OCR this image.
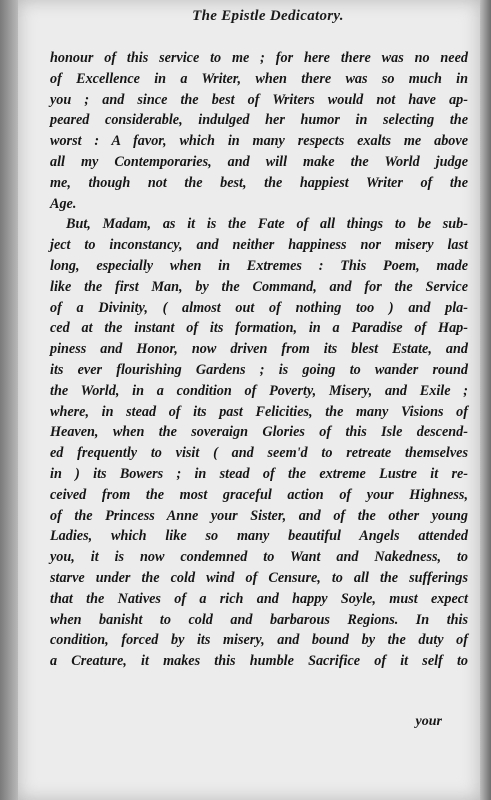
The Epistle Dedicatory.
honour of this service to me ; for here there was no need
of Excellence in a Writer, when there was so much in
you ; and since the best of Writers would not have ap-
peared considerable, indulged her humor in selecting the
worst : A favor, which in many respects exalts me above
all my Contemporaries, and will make the World judge
me, though not the best, the happiest Writer of the
Age.
But, Madam, as it is the Fate of all things to be sub-
ject to inconstancy, and neither happiness nor misery last
long, especially when in Extremes : This Poem, made
like the first Man, by the Command, and for the Service
of a Divinity, ( almost out of nothing too ) and pla-
ced at the instant of its formation, in a Paradise of Hap-
piness and Honor, now driven from its blest Estate, and
its ever flourishing Gardens ; is going to wander round
the World, in a condition of Poverty, Misery, and Exile ;
where, in stead of its past Felicities, the many Visions of
Heaven, when the soveraign Glories of this Isle descend-
ed frequently to visit ( and seem'd to retreate themselves
in ) its Bowers ; in stead of the extreme Lustre it re-
ceived from the most graceful action of your Highness,
of the Princess Anne your Sister, and of the other young
Ladies, which like so many beautiful Angels attended
you, it is now condemned to Want and Nakedness, to
starve under the cold wind of Censure, to all the sufferings
that the Natives of a rich and happy Soyle, must expect
when banisht to cold and barbarous Regions. In this
condition, forced by its misery, and bound by the duty of
a Creature, it makes this humble Sacrifice of it self to
your
